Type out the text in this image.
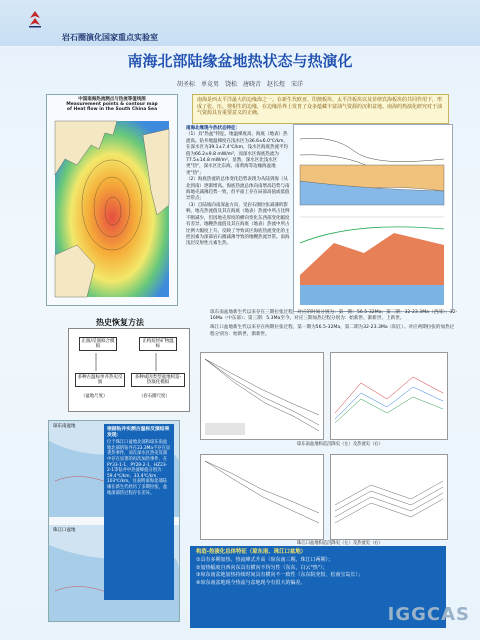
岩石圈演化国家重点实验室
南海北部陆缘盆地热状态与热演化
胡圣标　单竞男　饶松　唐晓音　赵长煜　宋洋
中国南海热流测点与热流等值线图
Measurement points & contour map
of Heat flow in the South China Sea

南海是西太平洋最大的边缘海之一。在新生代欧亚、印澳板块、太平洋板块以及菲律宾海板块的共同作用下，形成了张、压、剪相生的边缘，在边缘沿界上发育了众多蕴藏丰富油气资源的沉积盆地。南海的热演化研究对于油气资源具有重要意义的正确。

南海北缘现今热状态特征：
（1）具"热盆"特征。地温梯度高、海底（地表）热流高。钻井地温梯度在浅水区为36.6±6.0℃/km，在深水区为39.1±7.4℃/km，浅水区海底热流平均值为66.2±9.8 mW/m²，而深水区海底热流为77.5±14.8 mW/m²。显然，深水区比浅水区更"热"，深水区比东海、南黄海等边缘海盆地更"热"；
（2）海底热流的总体变化趋势表现为从陆到海（从北到南）逐渐增高。海底热流总体向南增高趋势与南海地壳减薄趋势一致，但平面上存在局部高值或低值异常点；
（3）自陆坡向南深盆方向，受岩石圈拉张减薄的影响，地壳热流值及其在海底（地表）热流中所占比例不断减少，但因地壳厚度的横向变化东西部变化幅度有差异，地幔热流值及其在海底（地表）热流中所占比例大幅度上升。反映了导致该区海底热流变化的主控因素为深部岩石圈减薄导致的地幔热流异常。南海浅层反射性元素生热。
热史恢复方法
正演/反演拟合模拟
正构烷烃矿物温标
多种古温标单井热史反演
多种成因类型盆地构造-热演化模拟
（盆地尺度）	（岩石圈尺度）
琼东南盆地新生代以来存在三期拉张过程，对应的时间分别为：第一期：56.5-32Ma；第二期：32-23.3Ma（西部）；32-16Ma（中东部）；第三期：5.3Ma至今。对应三期加热过程分别为：始新世、渐新世、上新世。
珠江口盆地新生代以来存在两期拉张过程，第一期为56.5-32Ma，第二期为32-23.3Ma（阳江）。对应两期拉张的加热过程分别为：始新世、渐新世。
琼东南盆地
珠江口盆地
根据钻井实测古温标反演结果发现：
位于珠江口盆地北部和琼东南盆地北部的钻井在23.3Ma不存在显著热事件，而在深水区热史反演中存在显著的再次加热事件，在PY33-1-1、PY28-2-1、HZ23-2-1等钻井中热流峰值分别为：59.4℃/km、33.4℃/km、103℃/km。这表明南海北部陆缘在新生代经历了多期拉张，盆地深部热过程存在差异。
琼东南盆地构造沉降史（左）及热流史（右）
珠江口盆地构造沉降史（左）及热流史（右）
构造-热演化总体特征（琼东南、珠江口盆地）

①具有多期加热、热流峰式升高（琼东南三期、珠江口两期）；

②加热幅度自西向东具有横向不均匀性（东东，白云"热"）；

③琼东南盆地加热持续时间具有横向不一致性（东东院充短，松南宝岛长）；

④琼东南盆地现今热流与盆地现今有很大的偏差。

IGGCAS
